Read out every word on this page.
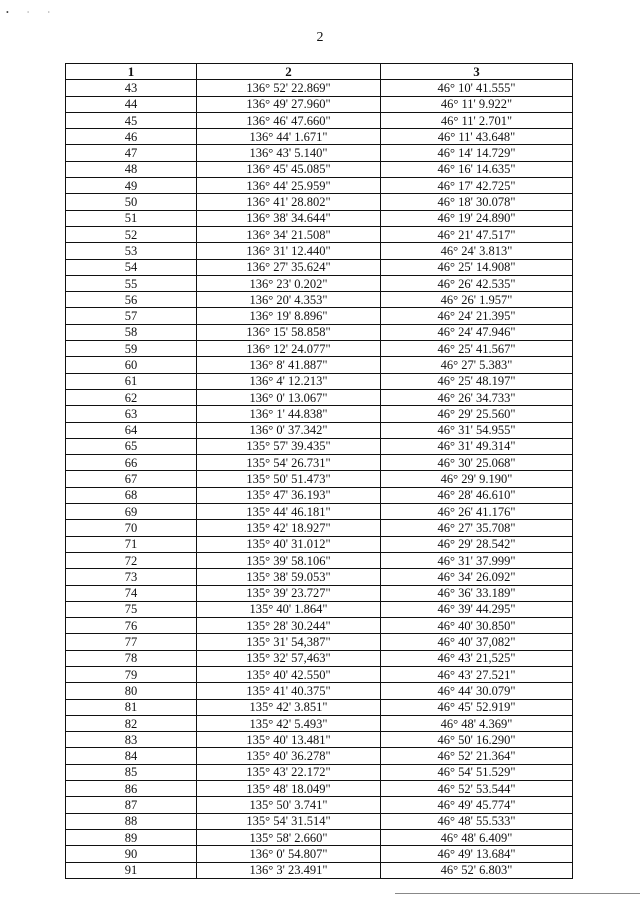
• · ·
2
1	2	3
43	136° 52' 22.869"	46° 10' 41.555"
44	136° 49' 27.960"	46° 11' 9.922"
45	136° 46' 47.660"	46° 11' 2.701"
46	136° 44' 1.671"	46° 11' 43.648"
47	136° 43' 5.140"	46° 14' 14.729"
48	136° 45' 45.085"	46° 16' 14.635"
49	136° 44' 25.959"	46° 17' 42.725"
50	136° 41' 28.802"	46° 18' 30.078"
51	136° 38' 34.644"	46° 19' 24.890"
52	136° 34' 21.508"	46° 21' 47.517"
53	136° 31' 12.440"	46° 24' 3.813"
54	136° 27' 35.624"	46° 25' 14.908"
55	136° 23' 0.202"	46° 26' 42.535"
56	136° 20' 4.353"	46° 26' 1.957"
57	136° 19' 8.896"	46° 24' 21.395"
58	136° 15' 58.858"	46° 24' 47.946"
59	136° 12' 24.077"	46° 25' 41.567"
60	136° 8' 41.887"	46° 27' 5.383"
61	136° 4' 12.213"	46° 25' 48.197"
62	136° 0' 13.067"	46° 26' 34.733"
63	136° 1' 44.838"	46° 29' 25.560"
64	136° 0' 37.342"	46° 31' 54.955"
65	135° 57' 39.435"	46° 31' 49.314"
66	135° 54' 26.731"	46° 30' 25.068"
67	135° 50' 51.473"	46° 29' 9.190"
68	135° 47' 36.193"	46° 28' 46.610"
69	135° 44' 46.181"	46° 26' 41.176"
70	135° 42' 18.927"	46° 27' 35.708"
71	135° 40' 31.012"	46° 29' 28.542"
72	135° 39' 58.106"	46° 31' 37.999"
73	135° 38' 59.053"	46° 34' 26.092"
74	135° 39' 23.727"	46° 36' 33.189"
75	135° 40' 1.864"	46° 39' 44.295"
76	135° 28' 30.244"	46° 40' 30.850"
77	135° 31' 54,387"	46° 40' 37,082"
78	135° 32' 57,463"	46° 43' 21,525"
79	135° 40' 42.550"	46° 43' 27.521"
80	135° 41' 40.375"	46° 44' 30.079"
81	135° 42' 3.851"	46° 45' 52.919"
82	135° 42' 5.493"	46° 48' 4.369"
83	135° 40' 13.481"	46° 50' 16.290"
84	135° 40' 36.278"	46° 52' 21.364"
85	135° 43' 22.172"	46° 54' 51.529"
86	135° 48' 18.049"	46° 52' 53.544"
87	135° 50' 3.741"	46° 49' 45.774"
88	135° 54' 31.514"	46° 48' 55.533"
89	135° 58' 2.660"	46° 48' 6.409"
90	136° 0' 54.807"	46° 49' 13.684"
91	136° 3' 23.491"	46° 52' 6.803"
